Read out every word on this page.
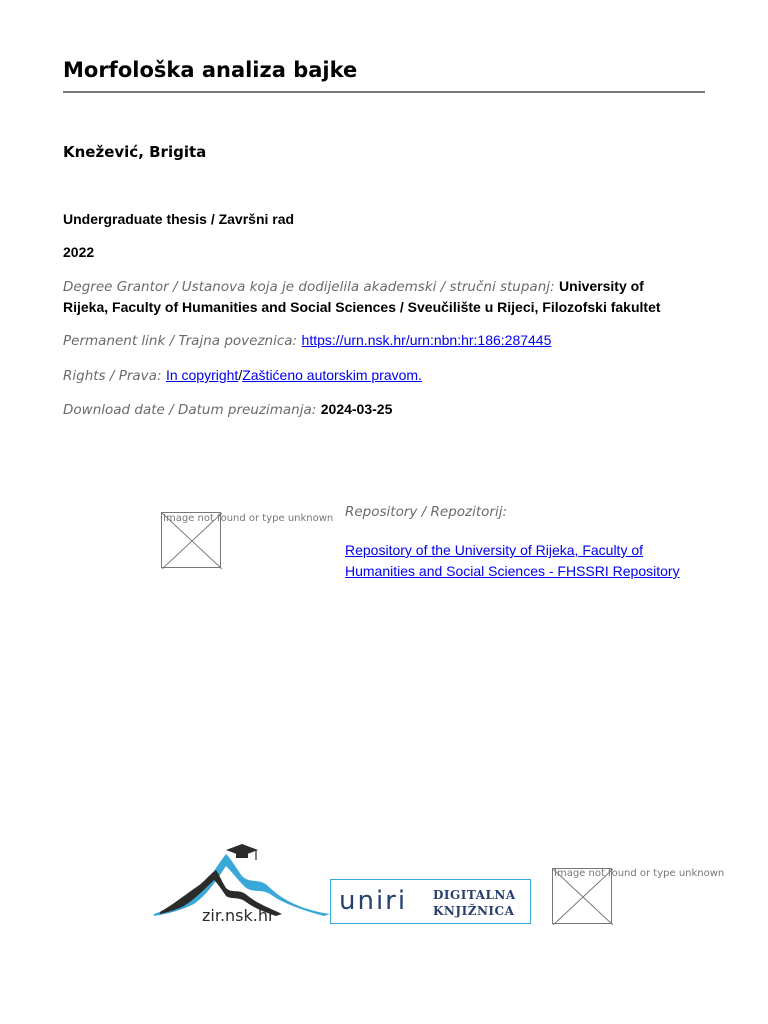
Morfološka analiza bajke
Knežević, Brigita
Undergraduate thesis / Završni rad
2022
Degree Grantor / Ustanova koja je dodijelila akademski / stručni stupanj: University of
Rijeka, Faculty of Humanities and Social Sciences / Sveučilište u Rijeci, Filozofski fakultet
Permanent link / Trajna poveznica: https://urn.nsk.hr/urn:nbn:hr:186:287445
Rights / Prava: In copyright/Zaštićeno autorskim pravom.
Download date / Datum preuzimanja: 2024-03-25
Image not found or type unknown Repository / Repozitorij:
Repository of the University of Rijeka, Faculty of
Humanities and Social Sciences - FHSSRI Repository
zir.nsk.hr uniri DIGITALNA
KNJIŽNICA
Image not found or type unknown
